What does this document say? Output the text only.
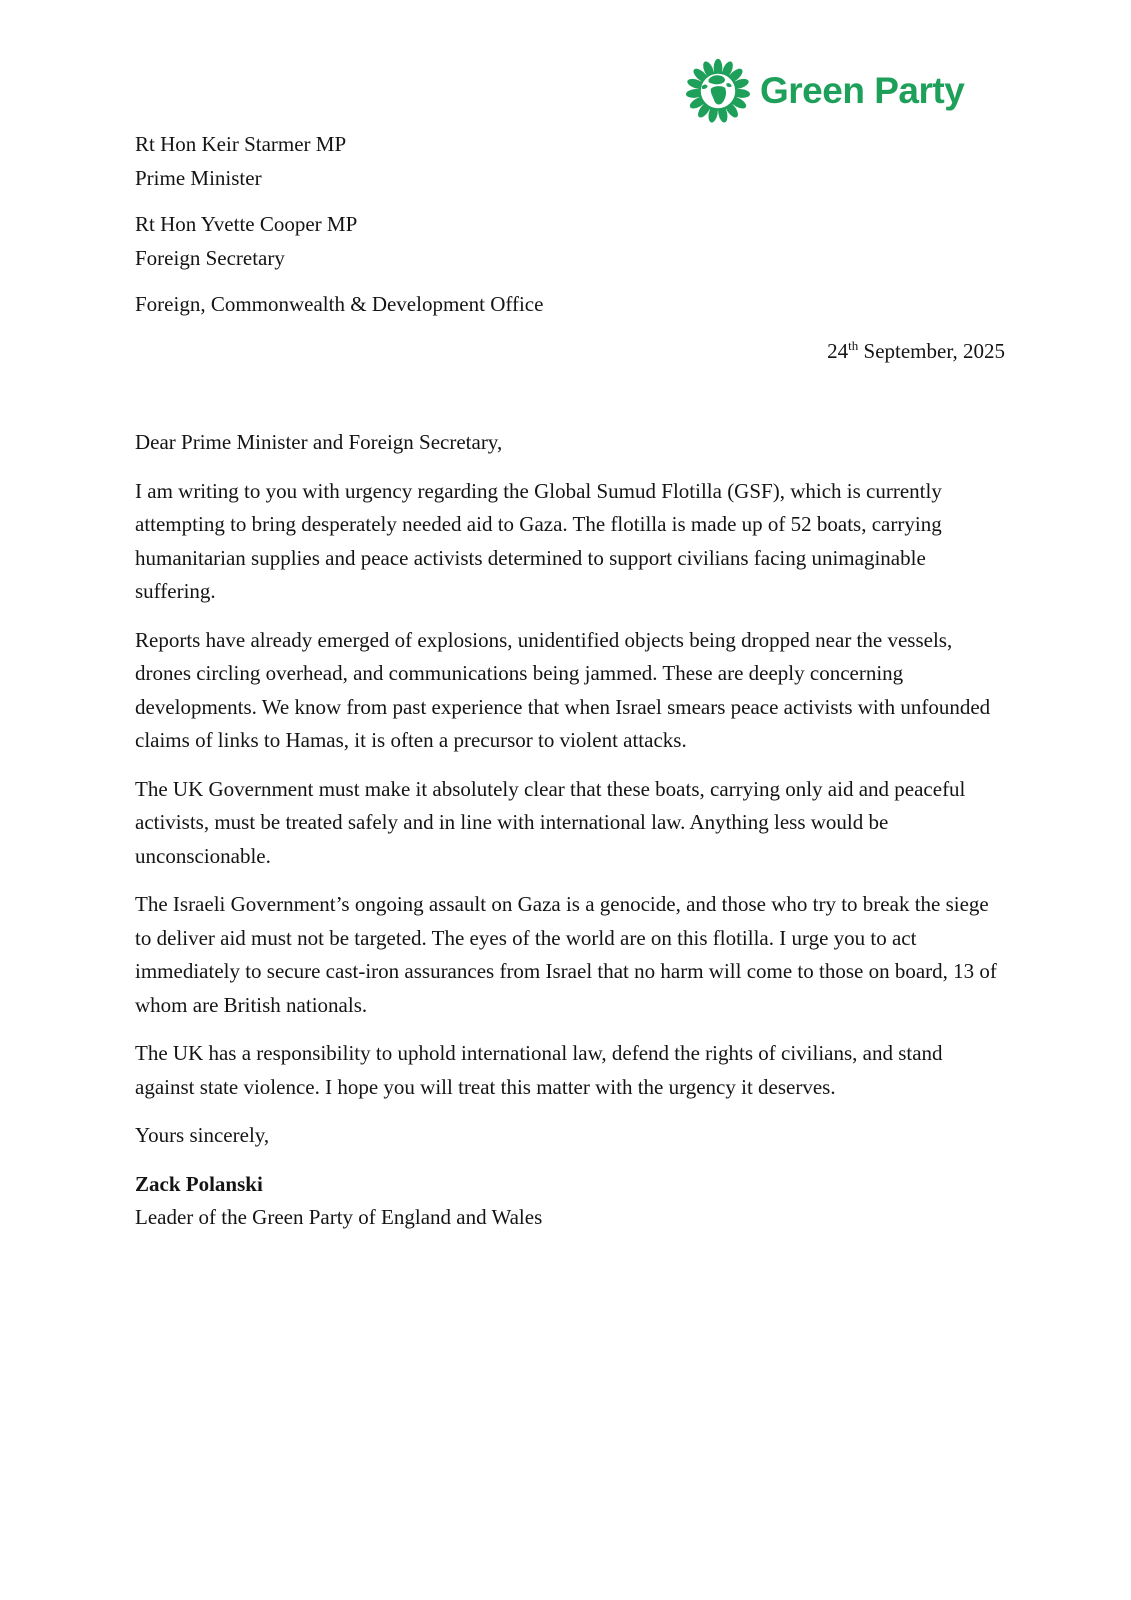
Green Party
Rt Hon Keir Starmer MP
Prime Minister
Rt Hon Yvette Cooper MP
Foreign Secretary
Foreign, Commonwealth & Development Office
24th September, 2025

Dear Prime Minister and Foreign Secretary,

I am writing to you with urgency regarding the Global Sumud Flotilla (GSF), which is currently attempting to bring desperately needed aid to Gaza. The flotilla is made up of 52 boats, carrying humanitarian supplies and peace activists determined to support civilians facing unimaginable suffering.

Reports have already emerged of explosions, unidentified objects being dropped near the vessels, drones circling overhead, and communications being jammed. These are deeply concerning developments. We know from past experience that when Israel smears peace activists with unfounded claims of links to Hamas, it is often a precursor to violent attacks.

The UK Government must make it absolutely clear that these boats, carrying only aid and peaceful activists, must be treated safely and in line with international law. Anything less would be unconscionable.

The Israeli Government’s ongoing assault on Gaza is a genocide, and those who try to break the siege to deliver aid must not be targeted. The eyes of the world are on this flotilla. I urge you to act immediately to secure cast-iron assurances from Israel that no harm will come to those on board, 13 of whom are British nationals.

The UK has a responsibility to uphold international law, defend the rights of civilians, and stand against state violence. I hope you will treat this matter with the urgency it deserves.

Yours sincerely,

Zack Polanski
Leader of the Green Party of England and Wales
